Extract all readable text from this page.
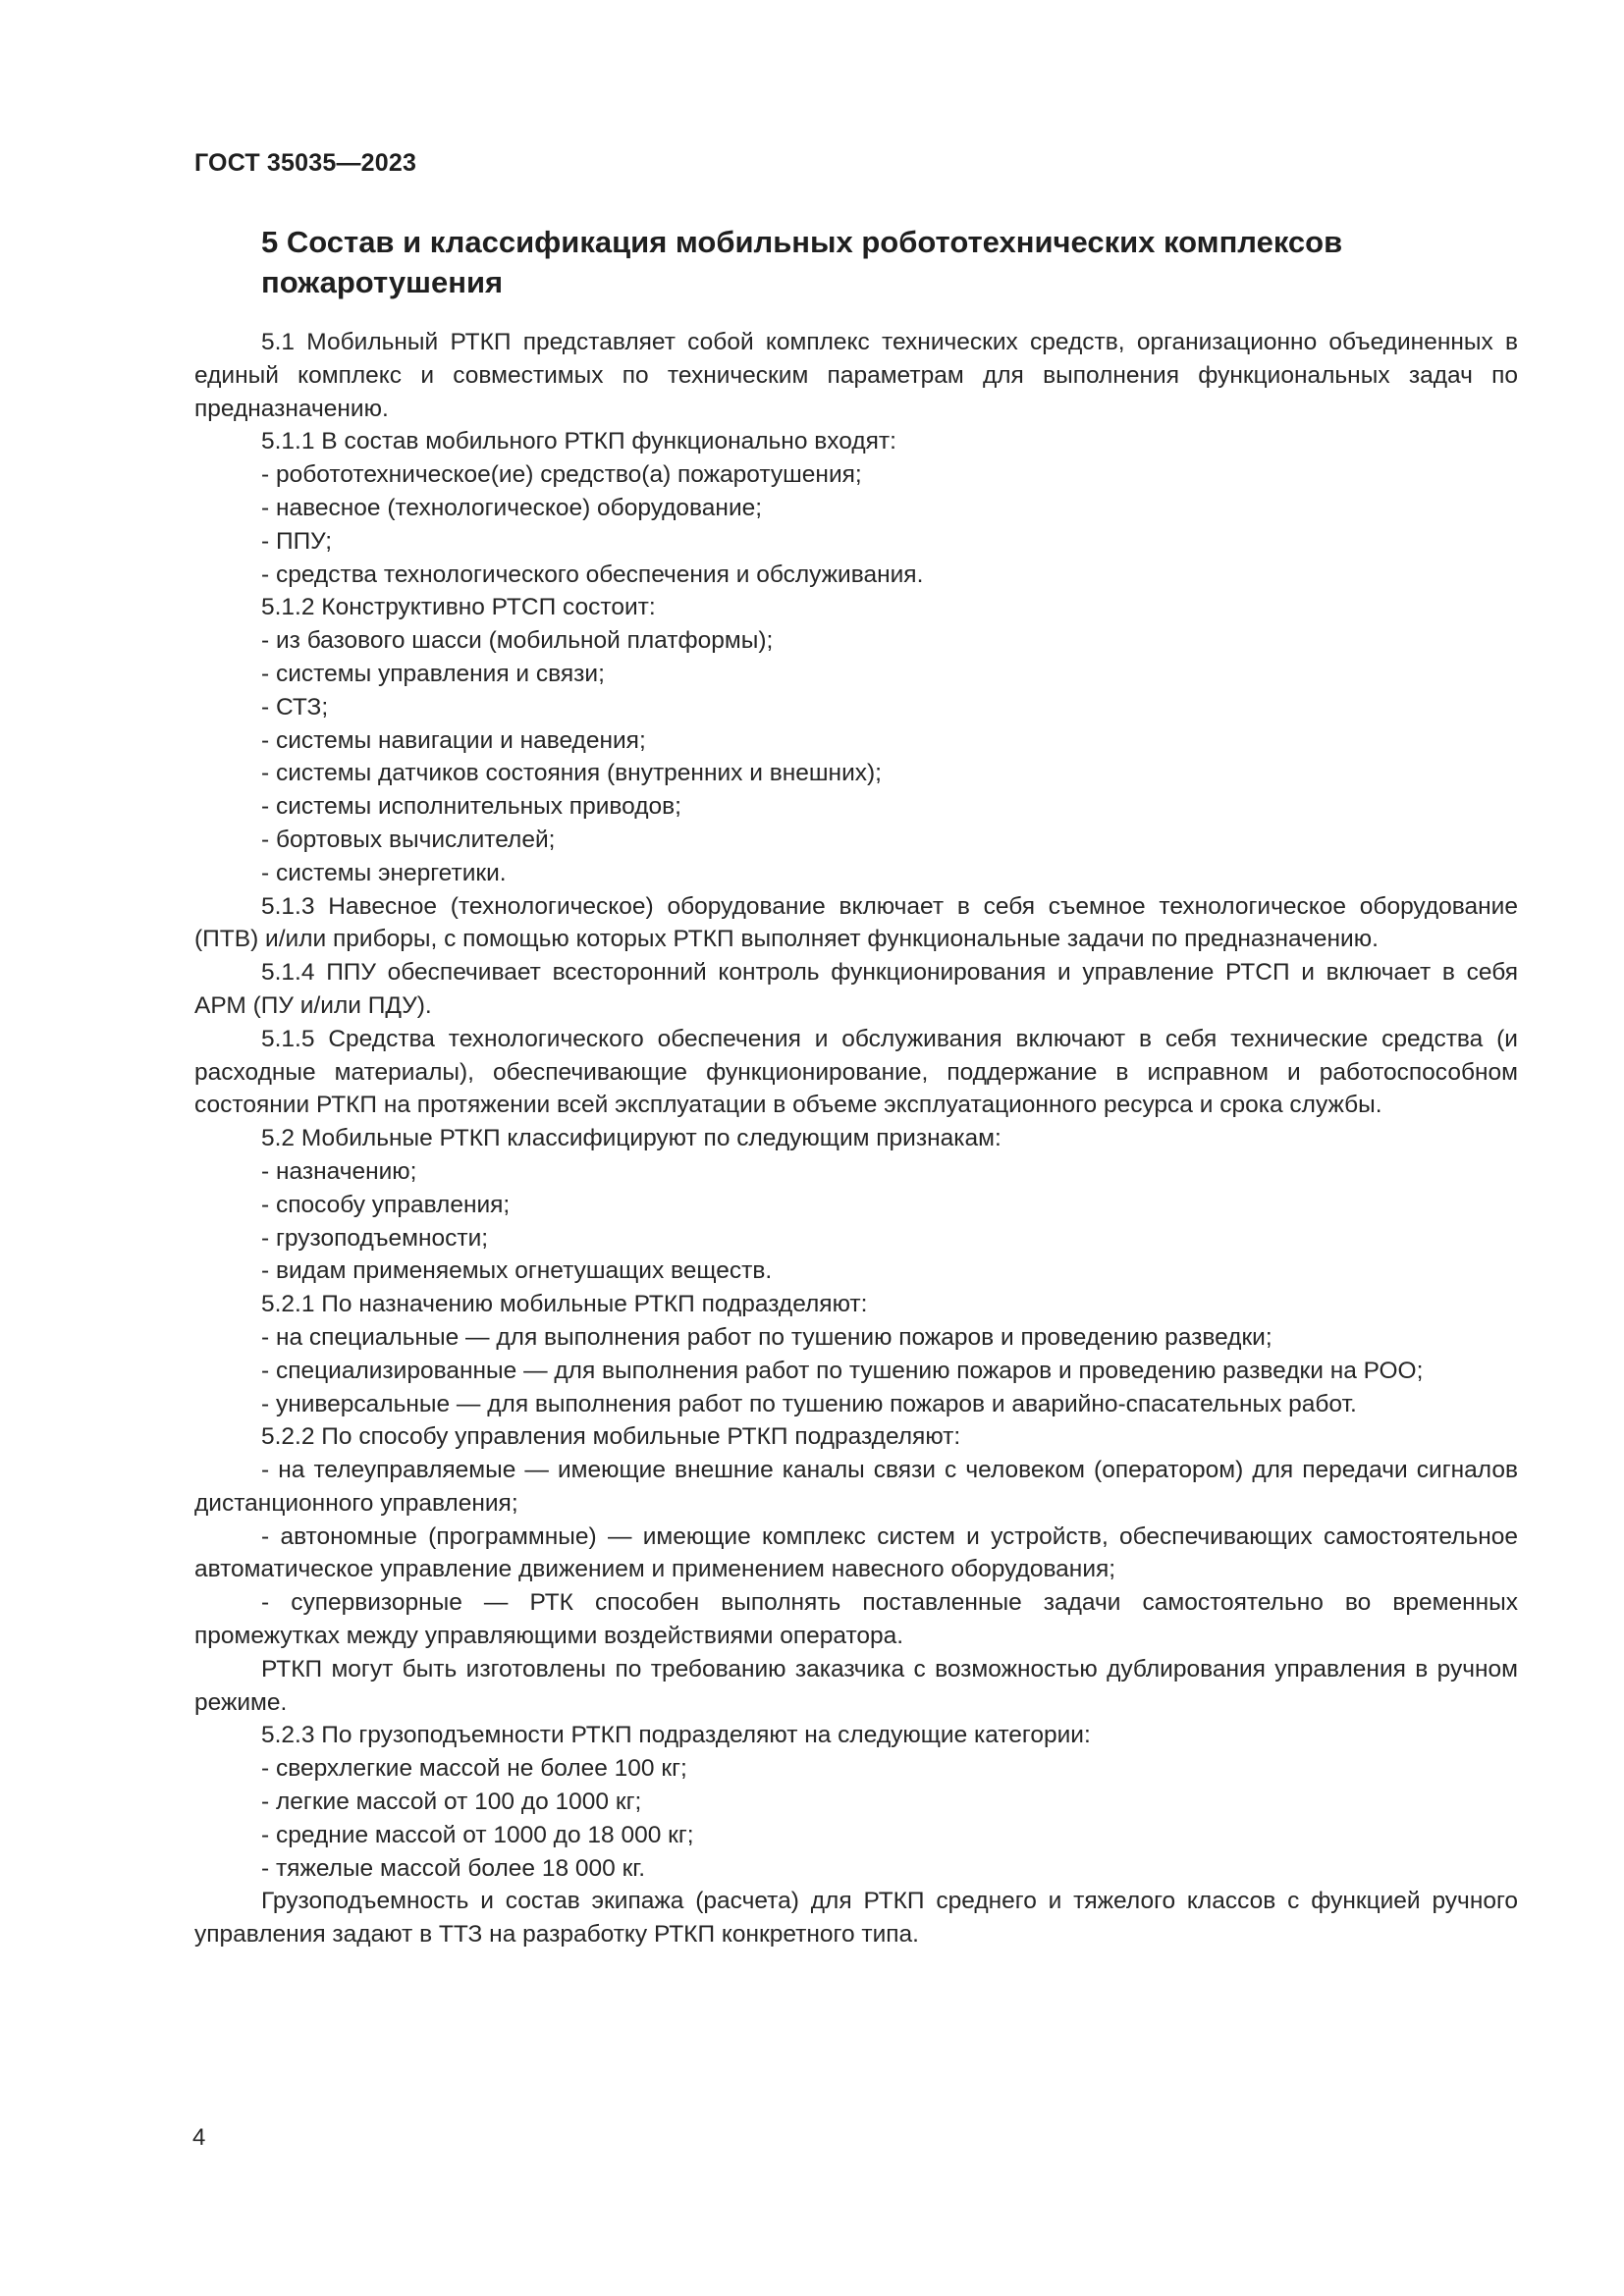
ГОСТ 35035—2023
5 Состав и классификация мобильных робототехнических комплексов пожаротушения

5.1 Мобильный РТКП представляет собой комплекс технических средств, организационно объединенных в единый комплекс и совместимых по техническим параметрам для выполнения функциональных задач по предназначению.

5.1.1 В состав мобильного РТКП функционально входят:

- робототехническое(ие) средство(а) пожаротушения;

- навесное (технологическое) оборудование;

- ППУ;

- средства технологического обеспечения и обслуживания.

5.1.2 Конструктивно РТСП состоит:

- из базового шасси (мобильной платформы);

- системы управления и связи;

- СТЗ;

- системы навигации и наведения;

- системы датчиков состояния (внутренних и внешних);

- системы исполнительных приводов;

- бортовых вычислителей;

- системы энергетики.

5.1.3 Навесное (технологическое) оборудование включает в себя съемное технологическое оборудование (ПТВ) и/или приборы, с помощью которых РТКП выполняет функциональные задачи по предназначению.

5.1.4 ППУ обеспечивает всесторонний контроль функционирования и управление РТСП и включает в себя АРМ (ПУ и/или ПДУ).

5.1.5 Средства технологического обеспечения и обслуживания включают в себя технические средства (и расходные материалы), обеспечивающие функционирование, поддержание в исправном и работоспособном состоянии РТКП на протяжении всей эксплуатации в объеме эксплуатационного ресурса и срока службы.

5.2 Мобильные РТКП классифицируют по следующим признакам:

- назначению;

- способу управления;

- грузоподъемности;

- видам применяемых огнетушащих веществ.

5.2.1 По назначению мобильные РТКП подразделяют:

- на специальные — для выполнения работ по тушению пожаров и проведению разведки;

- специализированные — для выполнения работ по тушению пожаров и проведению разведки на РОО;

- универсальные — для выполнения работ по тушению пожаров и аварийно-спасательных работ.

5.2.2 По способу управления мобильные РТКП подразделяют:

- на телеуправляемые — имеющие внешние каналы связи с человеком (оператором) для передачи сигналов дистанционного управления;

- автономные (программные) — имеющие комплекс систем и устройств, обеспечивающих самостоятельное автоматическое управление движением и применением навесного оборудования;

- супервизорные — РТК способен выполнять поставленные задачи самостоятельно во временных промежутках между управляющими воздействиями оператора.

РТКП могут быть изготовлены по требованию заказчика с возможностью дублирования управления в ручном режиме.

5.2.3 По грузоподъемности РТКП подразделяют на следующие категории:

- сверхлегкие массой не более 100 кг;

- легкие массой от 100 до 1000 кг;

- средние массой от 1000 до 18 000 кг;

- тяжелые массой более 18 000 кг.

Грузоподъемность и состав экипажа (расчета) для РТКП среднего и тяжелого классов с функцией ручного управления задают в ТТЗ на разработку РТКП конкретного типа.

4
